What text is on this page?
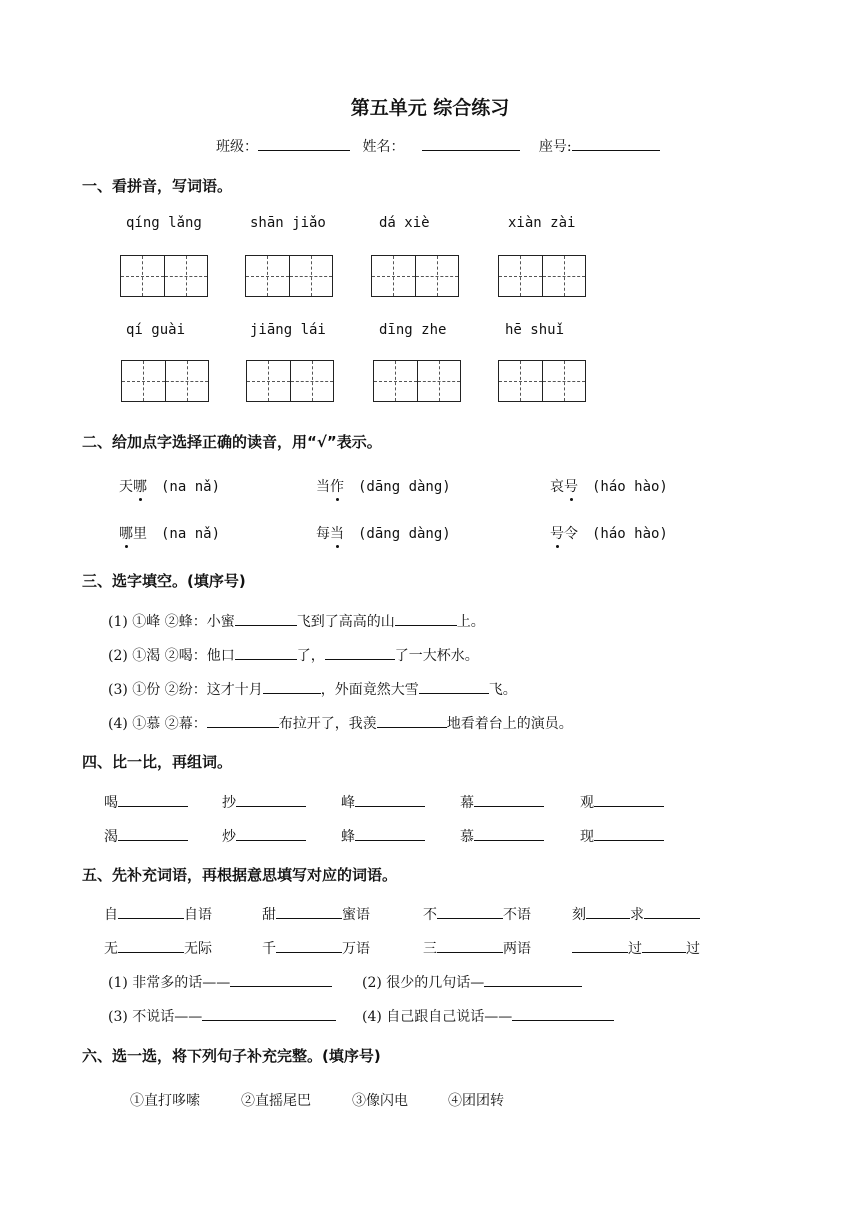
第五单元 综合练习
班级：	姓名：	座号:
一、看拼音，写词语。
qíng lǎng	shān jiǎo	dá xiè	xiàn zài
qí guài	jiāng lái	dīng zhe	hē shuǐ
二、给加点字选择正确的读音，用“√”表示。
天哪 (na nǎ)	当作 (dāng dàng)	哀号 (háo hào)
哪里 (na nǎ)	每当 (dāng dàng)	号令 (háo hào)
三、选字填空。(填序号)
(1) ①峰 ②蜂：小蜜	飞到了高高的山	上。
(2) ①渴 ②喝：他口	了，	了一大杯水。
(3) ①份 ②纷：这才十月	，外面竟然大雪	飞。
(4) ①慕 ②幕：	布拉开了，我羡	地看着台上的演员。
四、比一比，再组词。
喝	抄	峰	幕	观
渴	炒	蜂	慕	现
五、先补充词语，再根据意思填写对应的词语。
自	自语	甜	蜜语	不	不语	刻	求
无	无际	千	万语	三	两语	过	过
(1) 非常多的话——	(2) 很少的几句话—
(3) 不说话——	(4) 自己跟自己说话——
六、选一选，将下列句子补充完整。(填序号)
①直打哆嗦	②直摇尾巴	③像闪电	④团团转
